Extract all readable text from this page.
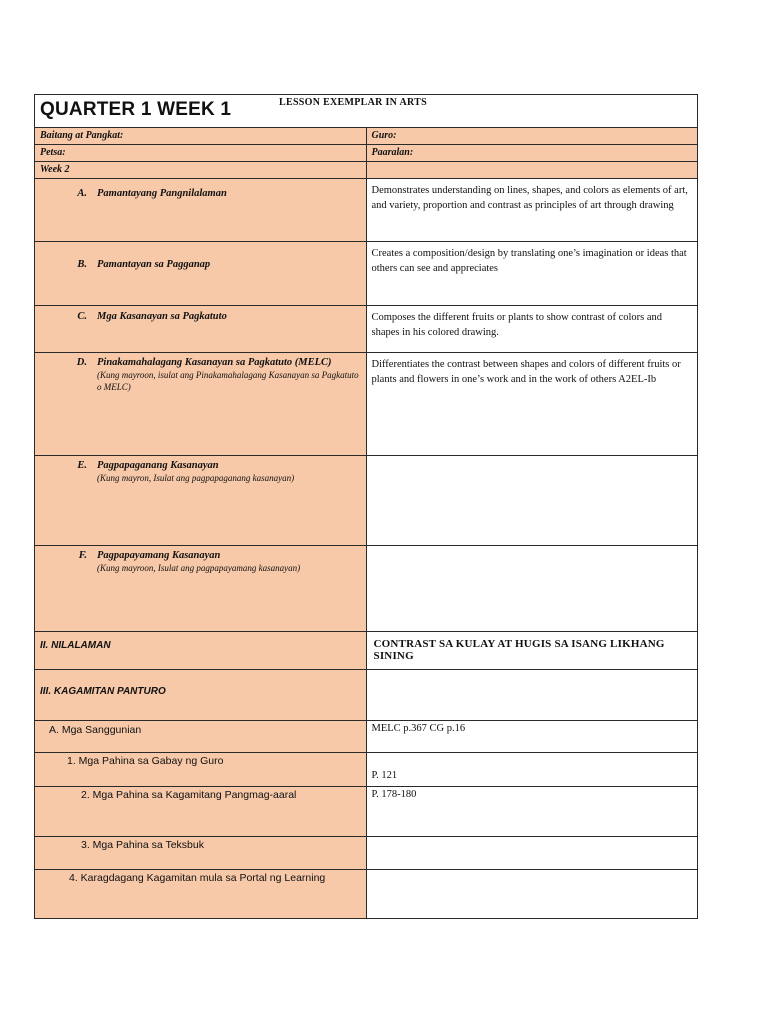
QUARTER 1 WEEK 1 LESSON EXEMPLAR IN ARTS	

Baitang at Pangkat:	Guro:
Petsa:	Paaralan:
Week 2	

A. Pamantayang Pangnilalaman	Demonstrates understanding on lines, shapes, and colors as elements of art, and variety, proportion and contrast as principles of art through drawing

B. Pamantayan sa Pagganap	Creates a composition/design by translating one’s imagination or ideas that others can see and appreciates

C. Mga Kasanayan sa Pagkatuto	Composes the different fruits or plants to show contrast of colors and shapes in his colored drawing.

D. Pinakamahalagang Kasanayan sa Pagkatuto (MELC)
(Kung mayroon, isulat ang Pinakamahalagang Kasanayan sa Pagkatuto o MELC)	Differentiates the contrast between shapes and colors of different fruits or plants and flowers in one’s work and in the work of others A2EL-Ib

E. Pagpapaganang Kasanayan
(Kung mayron, Isulat ang pagpapaganang kasanayan)	

F. Pagpapayamang Kasanayan
(Kung mayroon, Isulat ang pagpapayamang kasanayan)	

II. NILALAMAN	CONTRAST SA KULAY AT HUGIS SA ISANG LIKHANG SINING
III. KAGAMITAN PANTURO	
A. Mga Sanggunian	MELC p.367 CG p.16
1. Mga Pahina sa Gabay ng Guro	P. 121
2. Mga Pahina sa Kagamitang Pangmag-aaral	P. 178-180
3. Mga Pahina sa Teksbuk	
4. Karagdagang Kagamitan mula sa Portal ng Learning	
